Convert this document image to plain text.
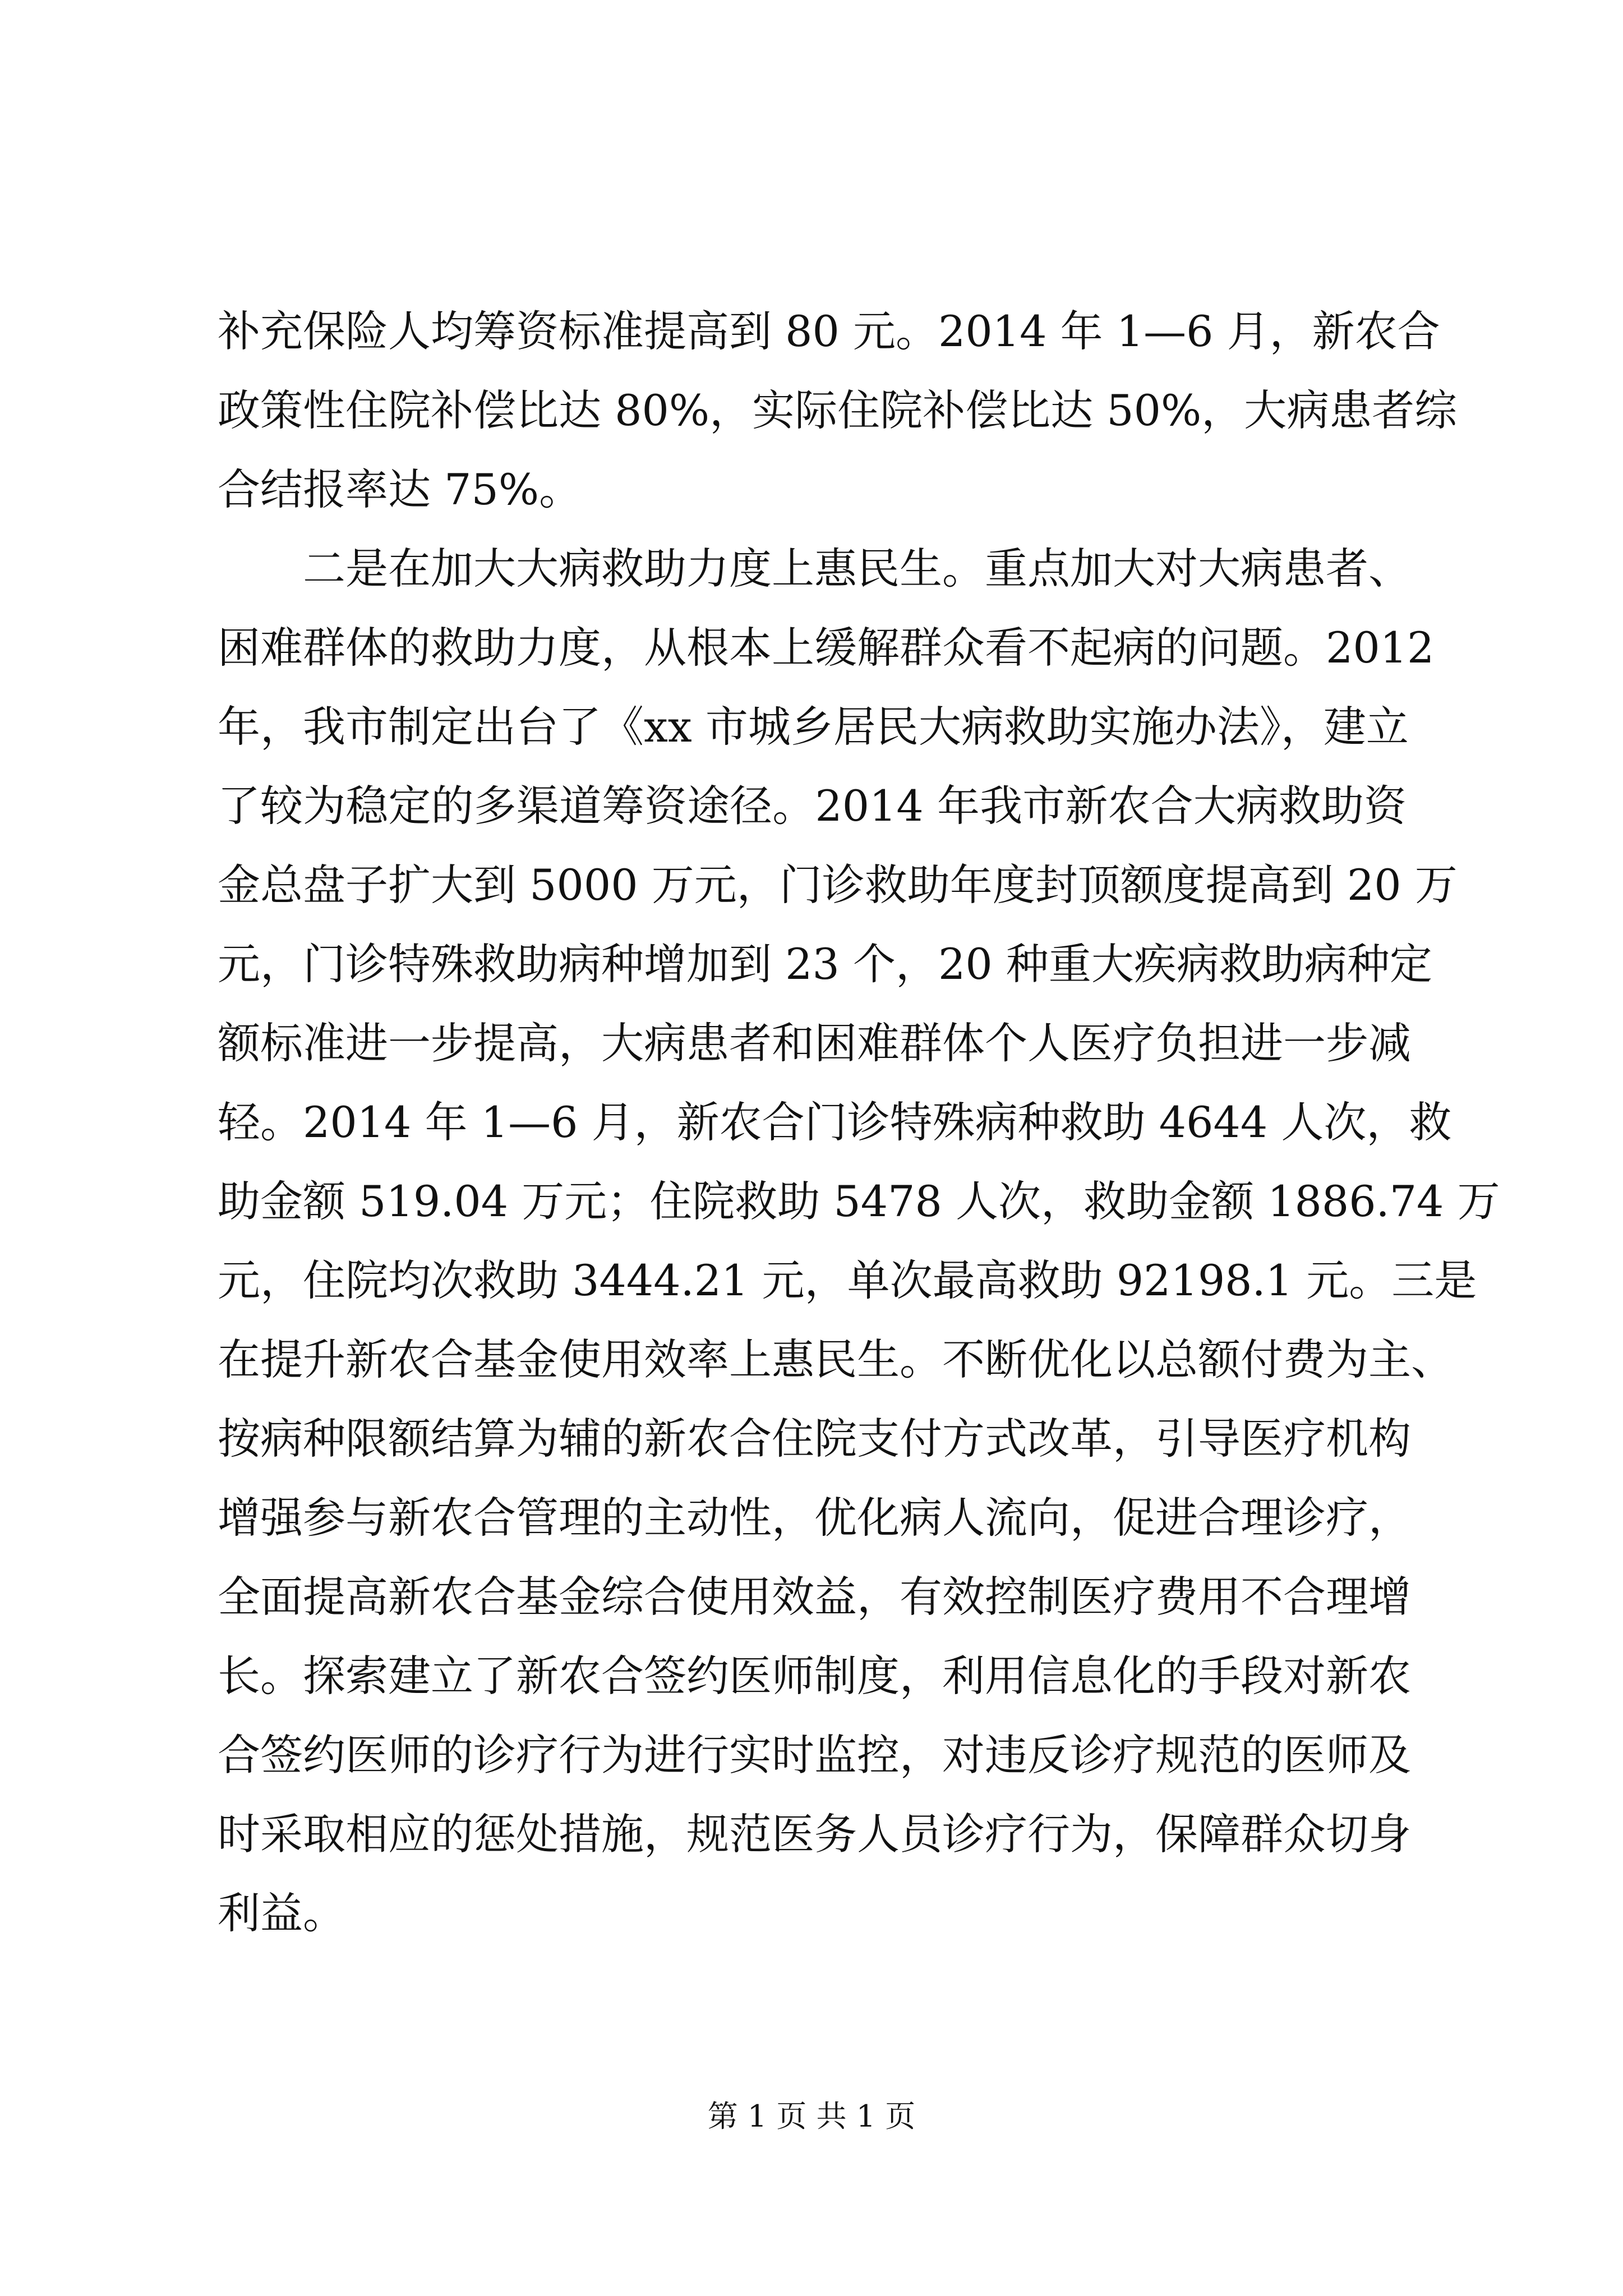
补充保险人均筹资标准提高到 80 元。2014 年 1—6 月，新农合
政策性住院补偿比达 80%，实际住院补偿比达 50%，大病患者综
合结报率达 75%。
二是在加大大病救助力度上惠民生。重点加大对大病患者、
困难群体的救助力度，从根本上缓解群众看不起病的问题。2012
年，我市制定出台了《xx 市城乡居民大病救助实施办法》，建立
了较为稳定的多渠道筹资途径。2014 年我市新农合大病救助资
金总盘子扩大到 5000 万元，门诊救助年度封顶额度提高到 20 万
元，门诊特殊救助病种增加到 23 个，20 种重大疾病救助病种定
额标准进一步提高，大病患者和困难群体个人医疗负担进一步减
轻。2014 年 1—6 月，新农合门诊特殊病种救助 4644 人次，救
助金额 519.04 万元；住院救助 5478 人次，救助金额 1886.74 万
元，住院均次救助 3444.21 元，单次最高救助 92198.1 元。三是
在提升新农合基金使用效率上惠民生。不断优化以总额付费为主、
按病种限额结算为辅的新农合住院支付方式改革，引导医疗机构
增强参与新农合管理的主动性，优化病人流向，促进合理诊疗，
全面提高新农合基金综合使用效益，有效控制医疗费用不合理增
长。探索建立了新农合签约医师制度，利用信息化的手段对新农
合签约医师的诊疗行为进行实时监控，对违反诊疗规范的医师及
时采取相应的惩处措施，规范医务人员诊疗行为，保障群众切身
利益。
第 1 页 共 1 页
